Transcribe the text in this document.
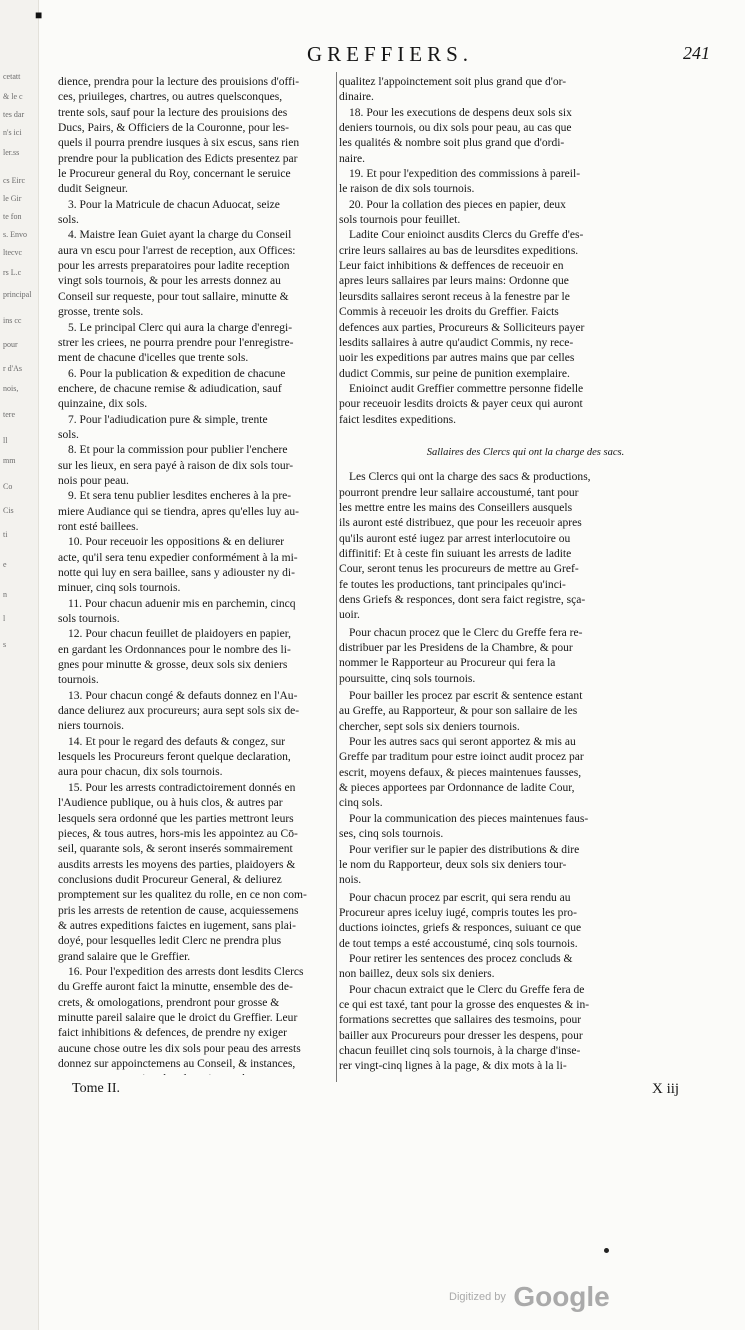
cetatt
& le c
tes dar
n's ici
ler.ss
cs Eirc
le Gir
te fon
s. Envo
ltecvc
rs L.c
principal
ins cc
pour
r d'As
nois,
tere
ll
mm
Co
Cis
ti
e
n
l
s
■
GREFFIERS.	241

dience, prendra pour la lecture des prouisions d'offi-

ces, priuileges, chartres, ou autres quelsconques,

trente sols, sauf pour la lecture des prouisions des

Ducs, Pairs, & Officiers de la Couronne, pour les-

quels il pourra prendre iusques à six escus, sans rien

prendre pour la publication des Edicts presentez par

le Procureur general du Roy, concernant le seruice

dudit Seigneur.

3. Pour la Matricule de chacun Aduocat, seize

sols.

4. Maistre Iean Guiet ayant la charge du Conseil

aura vn escu pour l'arrest de reception, aux Offices:

pour les arrests preparatoires pour ladite reception

vingt sols tournois, & pour les arrests donnez au

Conseil sur requeste, pour tout sallaire, minutte &

grosse, trente sols.

5. Le principal Clerc qui aura la charge d'enregi-

strer les criees, ne pourra prendre pour l'enregistre-

ment de chacune d'icelles que trente sols.

6. Pour la publication & expedition de chacune

enchere, de chacune remise & adiudication, sauf

quinzaine, dix sols.

7. Pour l'adiudication pure & simple, trente

sols.

8. Et pour la commission pour publier l'enchere

sur les lieux, en sera payé à raison de dix sols tour-

nois pour peau.

9. Et sera tenu publier lesdites encheres à la pre-

miere Audiance qui se tiendra, apres qu'elles luy au-

ront esté baillees.

10. Pour receuoir les oppositions & en deliurer

acte, qu'il sera tenu expedier conformément à la mi-

notte qui luy en sera baillee, sans y adiouster ny di-

minuer, cinq sols tournois.

11. Pour chacun aduenir mis en parchemin, cincq

sols tournois.

12. Pour chacun feuillet de plaidoyers en papier,

en gardant les Ordonnances pour le nombre des li-

gnes pour minutte & grosse, deux sols six deniers

tournois.

13. Pour chacun congé & defauts donnez en l'Au-

dance deliurez aux procureurs; aura sept sols six de-

niers tournois.

14. Et pour le regard des defauts & congez, sur

lesquels les Procureurs feront quelque declaration,

aura pour chacun, dix sols tournois.

15. Pour les arrests contradictoirement donnés en

l'Audience publique, ou à huis clos, & autres par

lesquels sera ordonné que les parties mettront leurs

pieces, & tous autres, hors-mis les appointez au Cō-

seil, quarante sols, & seront inserés sommairement

ausdits arrests les moyens des parties, plaidoyers &

conclusions dudit Procureur General, & deliurez

promptement sur les qualitez du rolle, en ce non com-

pris les arrests de retention de cause, acquiessemens

& autres expeditions faictes en iugement, sans plai-

doyé, pour lesquelles ledit Clerc ne prendra plus

grand salaire que le Greffier.

16. Pour l'expedition des arrests dont lesdits Clercs

du Greffe auront faict la minutte, ensemble des de-

crets, & omologations, prendront pour grosse &

minutte pareil salaire que le droict du Greffier. Leur

faict inhibitions & defences, de prendre ny exiger

aucune chose outre les dix sols pour peau des arrests

donnez sur appoinctemens au Conseil, & instances,

qualitez l'appoinctement soit plus grand que d'or-

dinaire.

18. Pour les executions de despens deux sols six

deniers tournois, ou dix sols pour peau, au cas que

les qualités & nombre soit plus grand que d'ordi-

naire.

19. Et pour l'expedition des commissions à pareil-

le raison de dix sols tournois.

20. Pour la collation des pieces en papier, deux

sols tournois pour feuillet.

Ladite Cour enioinct ausdits Clercs du Greffe d'es-

crire leurs sallaires au bas de leursdites expeditions.

Leur faict inhibitions & deffences de receuoir en

apres leurs sallaires par leurs mains: Ordonne que

leursdits sallaires seront receus à la fenestre par le

Commis à receuoir les droits du Greffier. Faicts

defences aux parties, Procureurs & Solliciteurs payer

lesdits sallaires à autre qu'audict Commis, ny rece-

uoir les expeditions par autres mains que par celles

dudict Commis, sur peine de punition exemplaire.

Enioinct audit Greffier commettre personne fidelle

pour receuoir lesdits droicts & payer ceux qui auront

faict lesdites expeditions.

Sallaires des Clercs qui ont la charge des sacs.

Les Clercs qui ont la charge des sacs & productions,

pourront prendre leur sallaire accoustumé, tant pour

les mettre entre les mains des Conseillers ausquels

ils auront esté distribuez, que pour les receuoir apres

qu'ils auront esté iugez par arrest interlocutoire ou

diffinitif: Et à ceste fin suiuant les arrests de ladite

Cour, seront tenus les procureurs de mettre au Gref-

fe toutes les productions, tant principales qu'inci-

dens Griefs & responces, dont sera faict registre, sça-

uoir.

Pour chacun procez que le Clerc du Greffe fera re-

distribuer par les Presidens de la Chambre, & pour

nommer le Rapporteur au Procureur qui fera la

poursuitte, cinq sols tournois.

Pour bailler les procez par escrit & sentence estant

au Greffe, au Rapporteur, & pour son sallaire de les

chercher, sept sols six deniers tournois.

Pour les autres sacs qui seront apportez & mis au

Greffe par traditum pour estre ioinct audit procez par

escrit, moyens defaux, & pieces maintenues fausses,

& pieces apportees par Ordonnance de ladite Cour,

cinq sols.

Pour la communication des pieces maintenues faus-

ses, cinq sols tournois.

Pour verifier sur le papier des distributions & dire

le nom du Rapporteur, deux sols six deniers tour-

nois.

Pour chacun procez par escrit, qui sera rendu au

Procureur apres iceluy iugé, compris toutes les pro-

ductions ioinctes, griefs & responces, suiuant ce que

de tout temps a esté accoustumé, cinq sols tournois.

Pour retirer les sentences des procez concluds &

non baillez, deux sols six deniers.

Pour chacun extraict que le Clerc du Greffe fera de

ce qui est taxé, tant pour la grosse des enquestes & in-

formations secrettes que sallaires des tesmoins, pour

bailler aux Procureurs pour dresser les despens, pour

chacun feuillet cinq sols tournois, à la charge d'inse-

rer vingt-cinq lignes à la page, & dix mots à la li-

Tome II.	X iij
Digitized by Google
